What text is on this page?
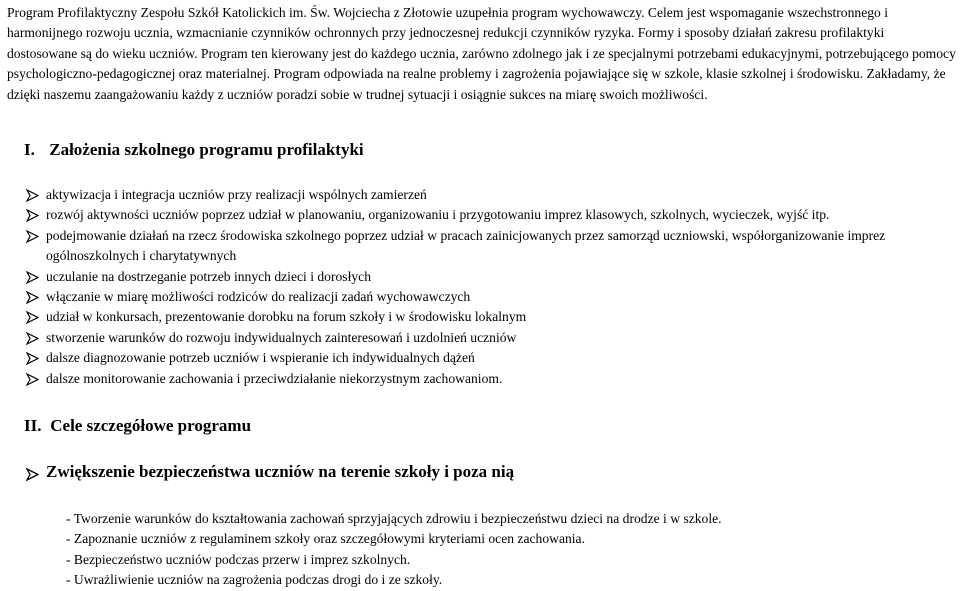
Program Profilaktyczny Zespołu Szkół Katolickich im. Św. Wojciecha z Złotowie uzupełnia program wychowawczy. Celem jest wspomaganie wszechstronnego i harmonijnego rozwoju ucznia, wzmacnianie czynników ochronnych przy jednoczesnej redukcji czynników ryzyka. Formy i sposoby działań zakresu profilaktyki dostosowane są do wieku uczniów. Program ten kierowany jest do każdego ucznia, zarówno zdolnego jak i ze specjalnymi potrzebami edukacyjnymi, potrzebującego pomocy psychologiczno-pedagogicznej oraz materialnej. Program odpowiada na realne problemy i zagrożenia pojawiające się w szkole, klasie szkolnej i środowisku. Zakładamy, że dzięki naszemu zaangażowaniu każdy z uczniów poradzi sobie w trudnej sytuacji i osiągnie sukces na miarę swoich możliwości.

I. Założenia szkolnego programu profilaktyki
aktywizacja i integracja uczniów przy realizacji wspólnych zamierzeń
rozwój aktywności uczniów poprzez udział w planowaniu, organizowaniu i przygotowaniu imprez klasowych, szkolnych, wycieczek, wyjść itp.
podejmowanie działań na rzecz środowiska szkolnego poprzez udział w pracach zainicjowanych przez samorząd uczniowski, współorganizowanie imprez
ogólnoszkolnych i charytatywnych
uczulanie na dostrzeganie potrzeb innych dzieci i dorosłych
włączanie w miarę możliwości rodziców do realizacji zadań wychowawczych
udział w konkursach, prezentowanie dorobku na forum szkoły i w środowisku lokalnym
stworzenie warunków do rozwoju indywidualnych zainteresowań i uzdolnień uczniów
dalsze diagnozowanie potrzeb uczniów i wspieranie ich indywidualnych dążeń
dalsze monitorowanie zachowania i przeciwdziałanie niekorzystnym zachowaniom.
II. Cele szczegółowe programu
Zwiększenie bezpieczeństwa uczniów na terenie szkoły i poza nią
- Tworzenie warunków do kształtowania zachowań sprzyjających zdrowiu i bezpieczeństwu dzieci na drodze i w szkole.
- Zapoznanie uczniów z regulaminem szkoły oraz szczegółowymi kryteriami ocen zachowania.
- Bezpieczeństwo uczniów podczas przerw i imprez szkolnych.
- Uwrażliwienie uczniów na zagrożenia podczas drogi do i ze szkoły.
